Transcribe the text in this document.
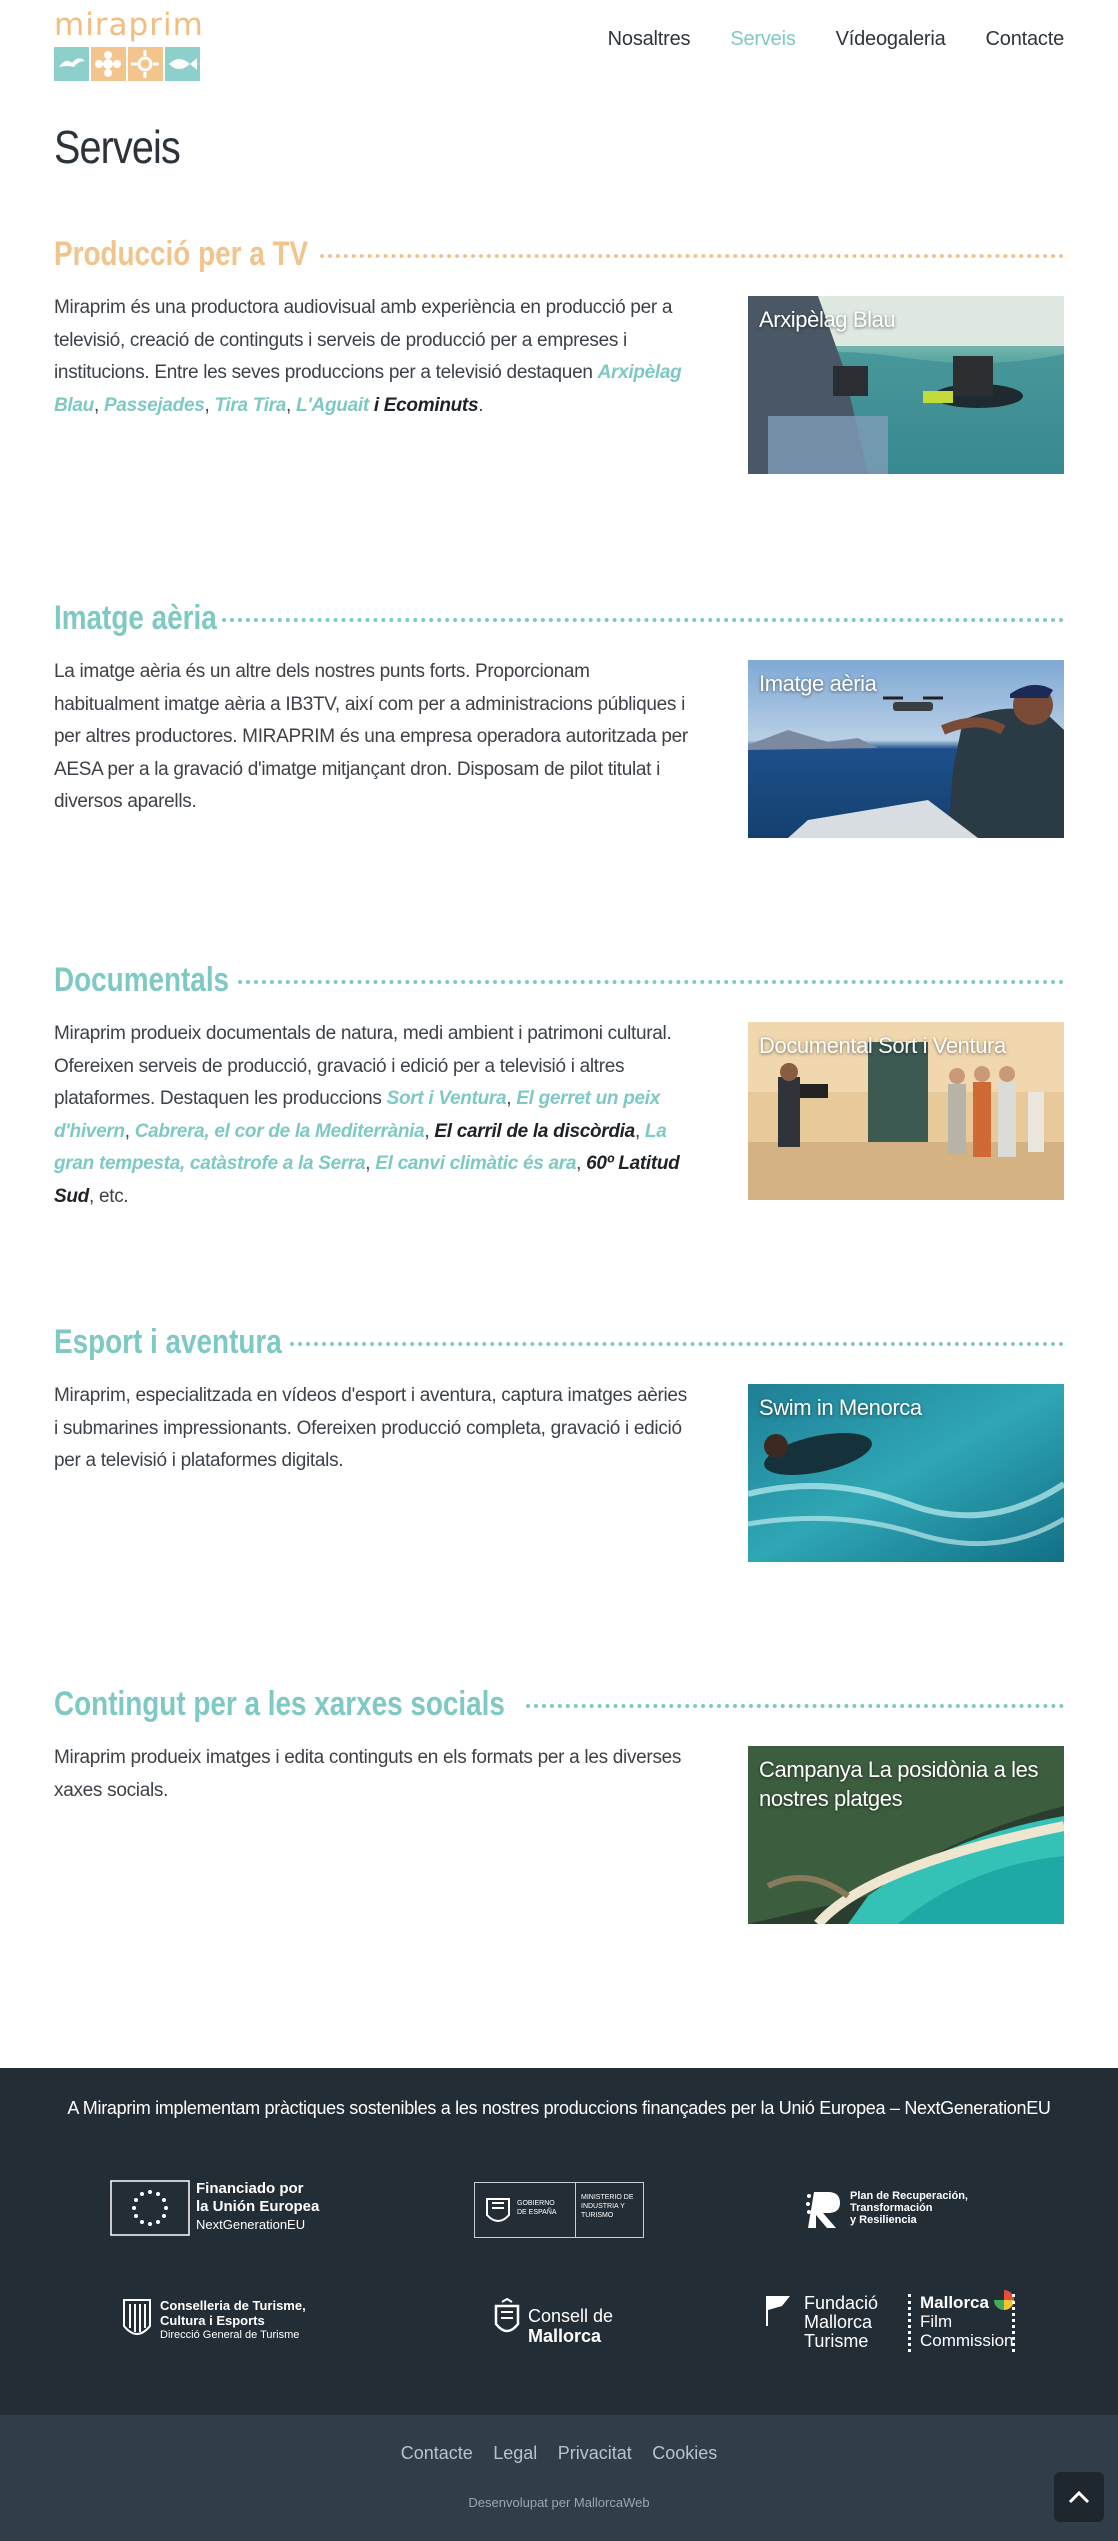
miraprim	Nosaltres Serveis Vídeogaleria Contacte
Serveis
Producció per a TV

Miraprim és una productora audiovisual amb experiència en producció per a televisió, creació de continguts i serveis de producció per a empreses i institucions. Entre les seves produccions per a televisió destaquen Arxipèlag Blau, Passejades, Tira Tira, L'Aguait i Ecominuts.

Arxipèlag Blau
Imatge aèria

La imatge aèria és un altre dels nostres punts forts. Proporcionam habitualment imatge aèria a IB3TV, així com per a administracions públiques i per altres productores. MIRAPRIM és una empresa operadora autoritzada per AESA per a la gravació d'imatge mitjançant dron. Disposam de pilot titulat i diversos aparells.

Imatge aèria
Documentals

Miraprim produeix documentals de natura, medi ambient i patrimoni cultural. Ofereixen serveis de producció, gravació i edició per a televisió i altres plataformes. Destaquen les produccions Sort i Ventura, El gerret un peix d'hivern, Cabrera, el cor de la Mediterrània, El carril de la discòrdia, La gran tempesta, catàstrofe a la Serra, El canvi climàtic és ara, 60º Latitud Sud, etc.

Documental Sort i Ventura
Esport i aventura

Miraprim, especialitzada en vídeos d'esport i aventura, captura imatges aèries i submarines impressionants. Ofereixen producció completa, gravació i edició per a televisió i plataformes digitals.

Swim in Menorca
Contingut per a les xarxes socials

Miraprim produeix imatges i edita continguts en els formats per a les diverses xaxes socials.

Campanya La posidònia a les nostres platges
A Miraprim implementam pràctiques sostenibles a les nostres produccions finançades per la Unió Europea – NextGenerationEU
Financiado por
la Unión Europea
NextGenerationEU
GOBIERNO DE ESPAÑA
MINISTERIO DE INDUSTRIA Y TURISMO
Plan de Recuperación,
Transformación
y Resiliencia
Conselleria de Turisme,
Cultura i Esports
Direcció General de Turisme
Consell de
Mallorca
Fundació
Mallorca
Turisme
Mallorca
Film
Commission
Contacte Legal Privacitat Cookies
Desenvolupat per MallorcaWeb
